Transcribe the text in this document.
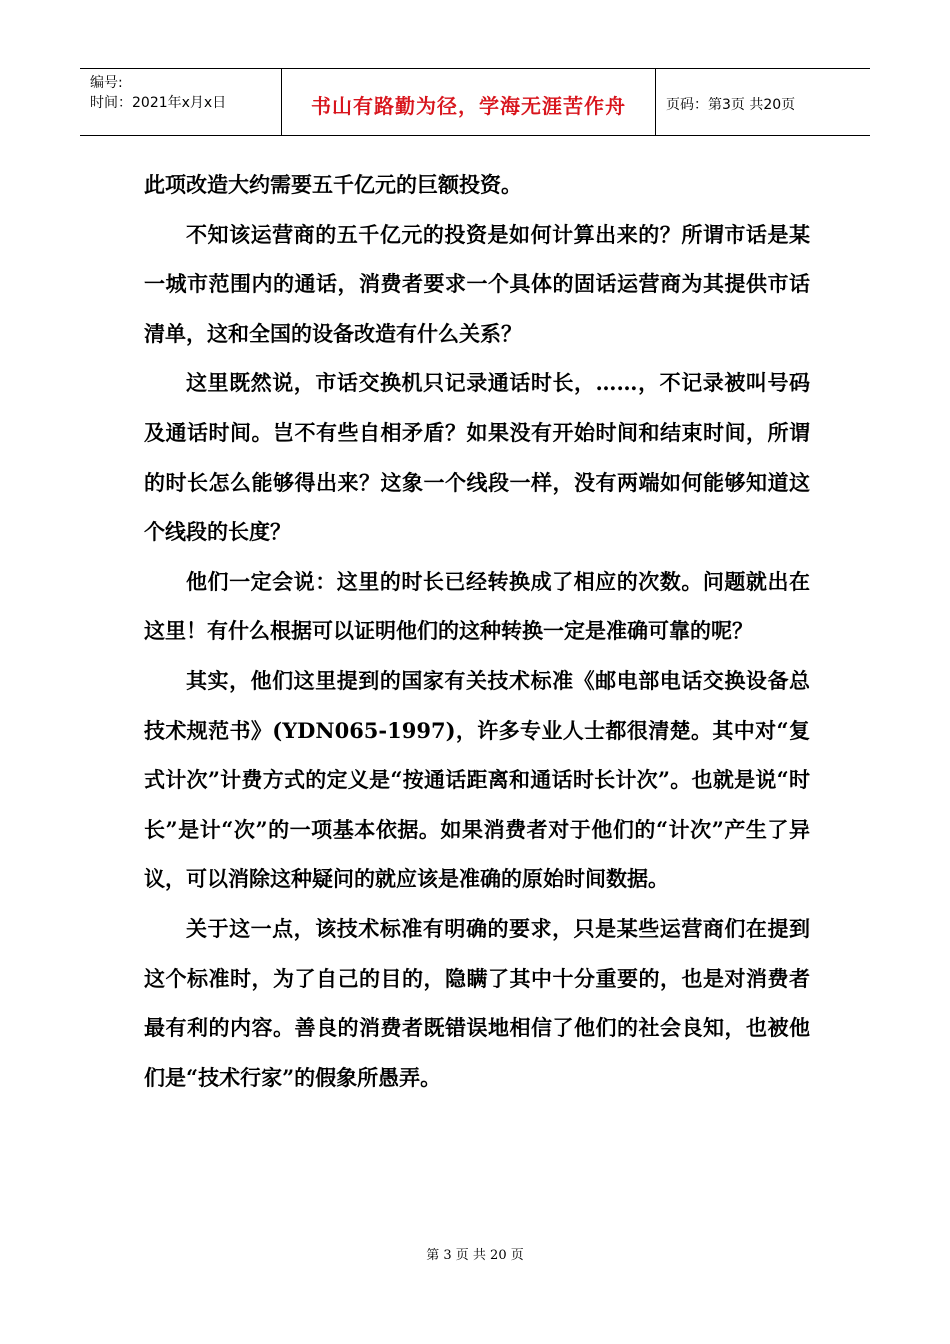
编号:
时间：2021年x月x日	书山有路勤为径，学海无涯苦作舟	页码：第3页 共20页

此项改造大约需要五千亿元的巨额投资。

不知该运营商的五千亿元的投资是如何计算出来的？所谓市话是某一城市范围内的通话，消费者要求一个具体的固话运营商为其提供市话清单，这和全国的设备改造有什么关系？

这里既然说，市话交换机只记录通话时长，……，不记录被叫号码及通话时间。岂不有些自相矛盾？如果没有开始时间和结束时间，所谓的时长怎么能够得出来？这象一个线段一样，没有两端如何能够知道这个线段的长度？

他们一定会说：这里的时长已经转换成了相应的次数。问题就出在这里！有什么根据可以证明他们的这种转换一定是准确可靠的呢？

其实，他们这里提到的国家有关技术标准《邮电部电话交换设备总技术规范书》(YDN065-1997)，许多专业人士都很清楚。其中对“复式计次”计费方式的定义是“按通话距离和通话时长计次”。也就是说“时长”是计“次”的一项基本依据。如果消费者对于他们的“计次”产生了异议，可以消除这种疑问的就应该是准确的原始时间数据。

关于这一点，该技术标准有明确的要求，只是某些运营商们在提到这个标准时，为了自己的目的，隐瞒了其中十分重要的，也是对消费者最有利的内容。善良的消费者既错误地相信了他们的社会良知，也被他们是“技术行家”的假象所愚弄。

第 3 页 共 20 页
